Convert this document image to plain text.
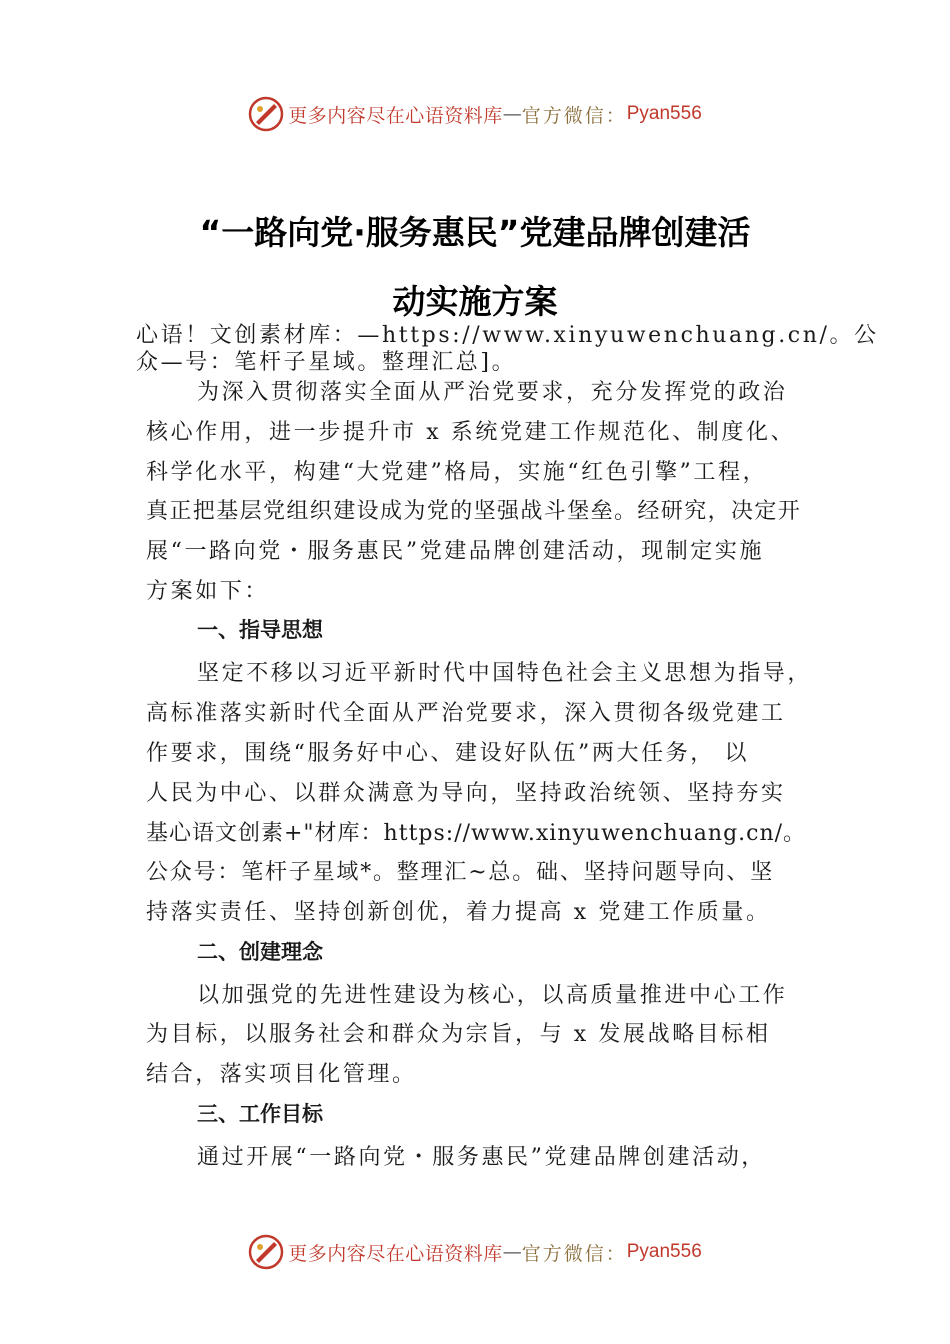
更多内容尽在心语资料库 — 官方微信： Pyan556
“一路向党·服务惠民”党建品牌创建活
动实施方案
心语！文创素材库：—https://www.xinyuwenchuang.cn/。公
众—号：笔杆子星域。整理汇总]。
为深入贯彻落实全面从严治党要求，充分发挥党的政治
核心作用，进一步提升市 x 系统党建工作规范化、制度化、
科学化水平，构建“大党建”格局，实施“红色引擎”工程，
真正把基层党组织建设成为党的坚强战斗堡垒。经研究，决定开
展“一路向党・服务惠民”党建品牌创建活动，现制定实施
方案如下：
一、指导思想
坚定不移以习近平新时代中国特色社会主义思想为指导，
高标准落实新时代全面从严治党要求，深入贯彻各级党建工
作要求，围绕“服务好中心、建设好队伍”两大任务， 以
人民为中心、以群众满意为导向，坚持政治统领、坚持夯实
基心语文创素+"材库：https://www.xinyuwenchuang.cn/。
公众号：笔杆子星域*。整理汇~总。础、坚持问题导向、坚
持落实责任、坚持创新创优，着力提高 x 党建工作质量。
二、创建理念
以加强党的先进性建设为核心，以高质量推进中心工作
为目标，以服务社会和群众为宗旨，与 x 发展战略目标相
结合，落实项目化管理。
三、工作目标
通过开展“一路向党・服务惠民”党建品牌创建活动，
更多内容尽在心语资料库 — 官方微信： Pyan556
